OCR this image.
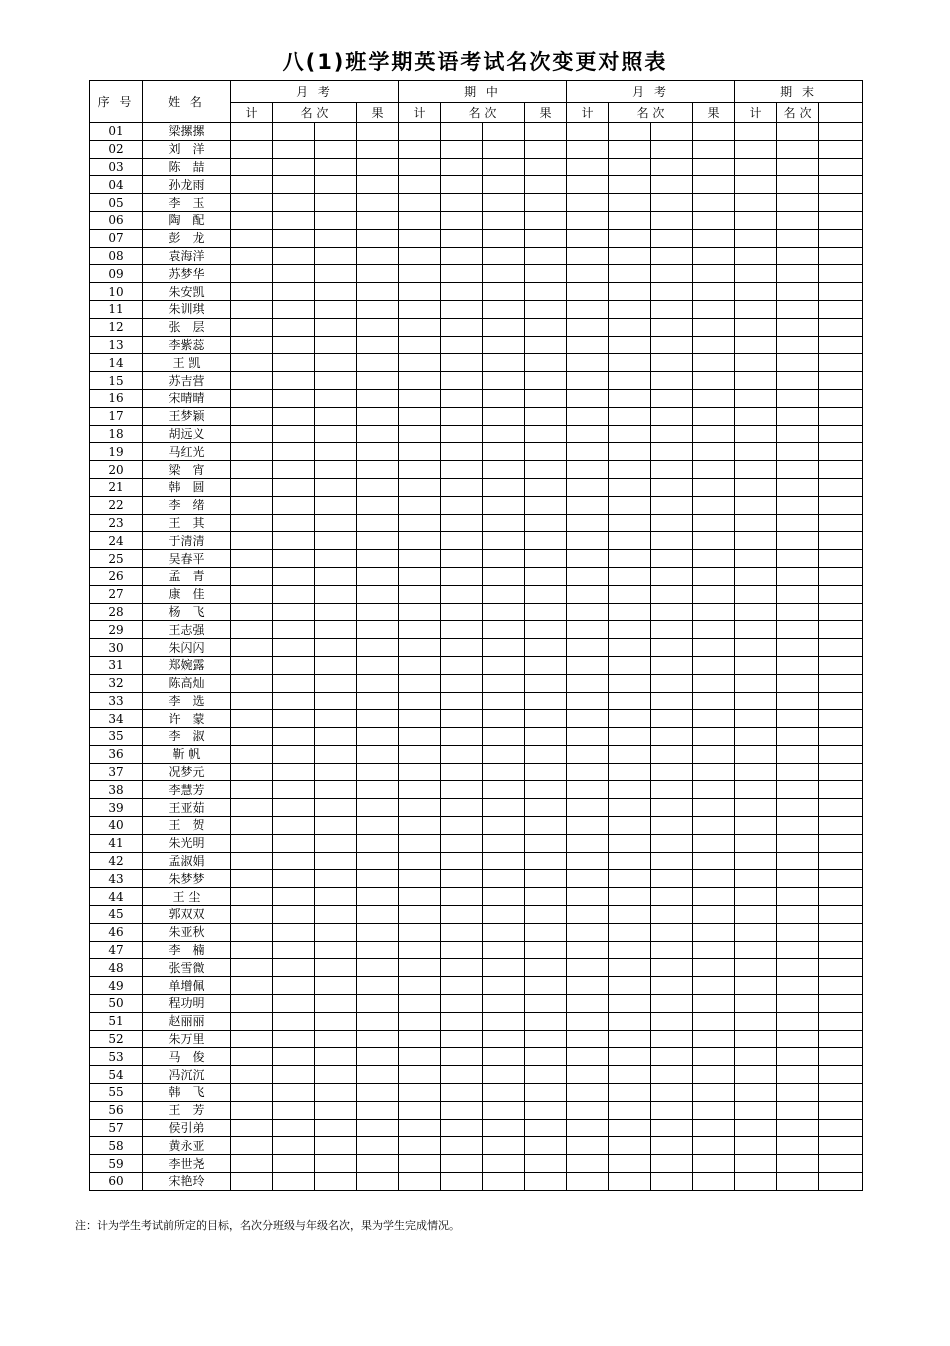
八(1)班学期英语考试名次变更对照表
序 号	姓 名	月 考				期 中				月 考				期 末		
		计	名 次		果	计	名 次		果	计	名 次		果	计	名 次	
01	梁摞摞															
02	刘　洋															
03	陈　喆															
04	孙龙雨															
05	李　玉															
06	陶　配															
07	彭　龙															
08	袁海洋															
09	苏梦华															
10	朱安凯															
11	朱训琪															
12	张　层															
13	李紫蕊															
14	王 凯															
15	苏吉营															
16	宋晴晴															
17	王梦颖															
18	胡远义															
19	马红光															
20	梁　宵															
21	韩　圆															
22	李　绪															
23	王　其															
24	于清清															
25	吴春平															
26	孟　青															
27	康　佳															
28	杨　飞															
29	王志强															
30	朱闪闪															
31	郑婉露															
32	陈高灿															
33	李　选															
34	许　蒙															
35	李　淑															
36	靳 帆															
37	况梦元															
38	李慧芳															
39	王亚茹															
40	王　贺															
41	朱光明															
42	孟淑娟															
43	朱梦梦															
44	王 尘															
45	郭双双															
46	朱亚秋															
47	李　楠															
48	张雪微															
49	单增佩															
50	程功明															
51	赵丽丽															
52	朱万里															
53	马　俊															
54	冯沉沉															
55	韩　飞															
56	王　芳															
57	侯引弟															
58	黄永亚															
59	李世尧															
60	宋艳玲															
注：计为学生考试前所定的目标，名次分班级与年级名次，果为学生完成情况。
